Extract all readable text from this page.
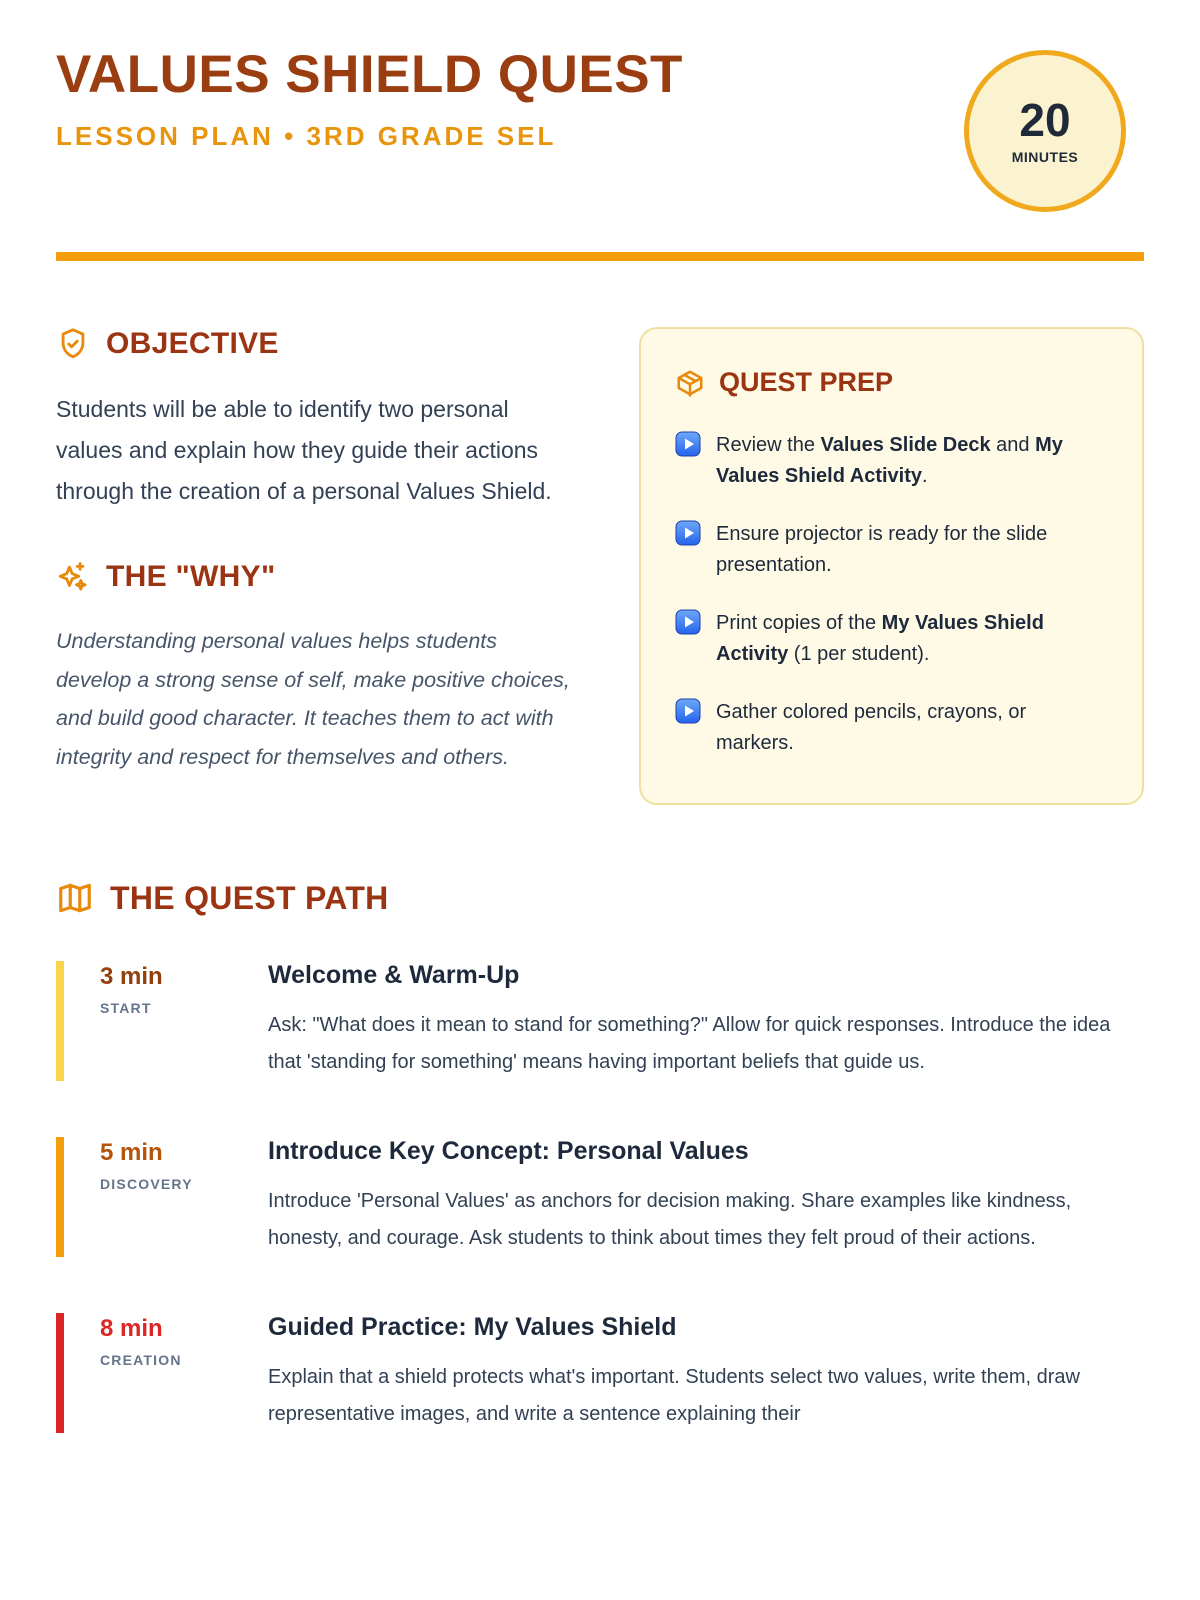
VALUES SHIELD QUEST
LESSON PLAN • 3RD GRADE SEL	20
MINUTES
OBJECTIVE

Students will be able to identify two personal values and explain how they guide their actions through the creation of a personal Values Shield.

THE "WHY"

Understanding personal values helps students develop a strong sense of self, make positive choices, and build good character. It teaches them to act with integrity and respect for themselves and others.

QUEST PREP
Review the Values Slide Deck and My Values Shield Activity.
Ensure projector is ready for the slide presentation.
Print copies of the My Values Shield Activity (1 per student).
Gather colored pencils, crayons, or markers.
THE QUEST PATH
3 min
START
Welcome & Warm-Up
Ask: "What does it mean to stand for something?" Allow for quick responses. Introduce the idea that 'standing for something' means having important beliefs that guide us.
5 min
DISCOVERY
Introduce Key Concept: Personal Values
Introduce 'Personal Values' as anchors for decision making. Share examples like kindness, honesty, and courage. Ask students to think about times they felt proud of their actions.
8 min
CREATION
Guided Practice: My Values Shield
Explain that a shield protects what's important. Students select two values, write them, draw representative images, and write a sentence explaining their
